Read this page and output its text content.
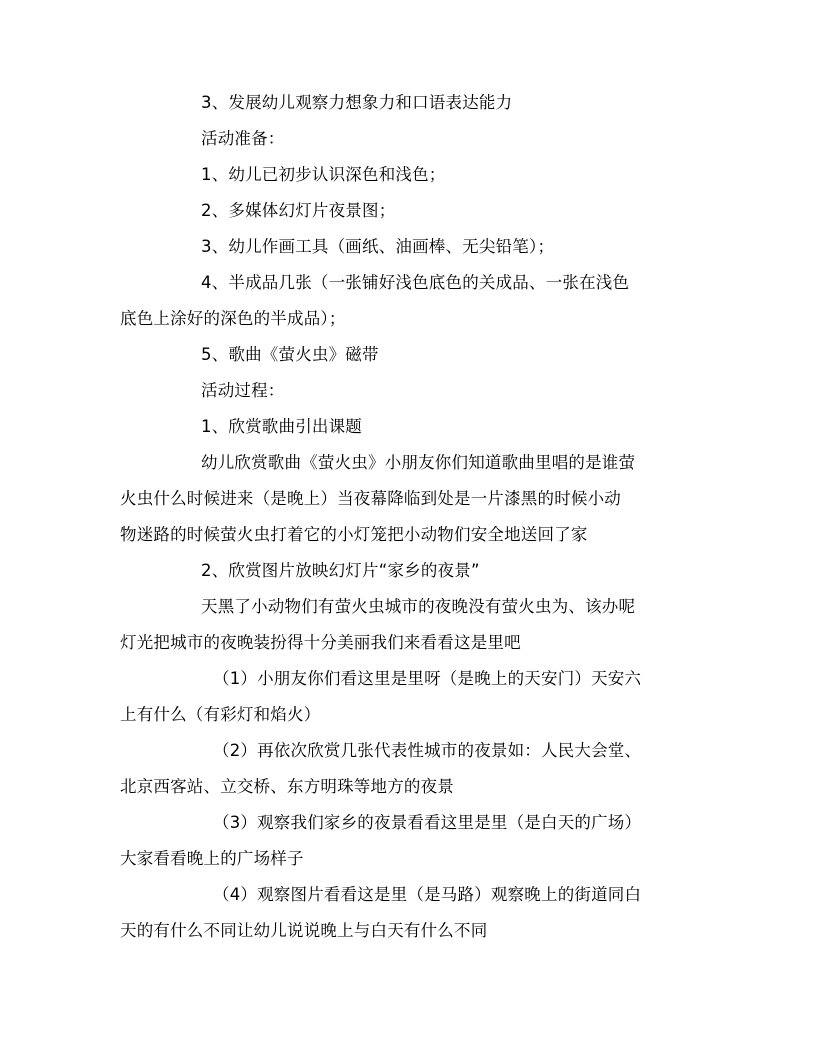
3、发展幼儿观察力想象力和口语表达能力
活动准备：
1、幼儿已初步认识深色和浅色；
2、多媒体幻灯片夜景图；
3、幼儿作画工具（画纸、油画棒、无尖铅笔）；
4、半成品几张（一张铺好浅色底色的关成品、一张在浅色
底色上涂好的深色的半成品）；
5、歌曲《萤火虫》磁带
活动过程：
1、欣赏歌曲引出课题
幼儿欣赏歌曲《萤火虫》小朋友你们知道歌曲里唱的是谁萤
火虫什么时候进来（是晚上）当夜幕降临到处是一片漆黑的时候小动
物迷路的时候萤火虫打着它的小灯笼把小动物们安全地送回了家
2、欣赏图片放映幻灯片“家乡的夜景”
天黑了小动物们有萤火虫城市的夜晚没有萤火虫为、该办呢
灯光把城市的夜晚装扮得十分美丽我们来看看这是里吧
（1）小朋友你们看这里是里呀（是晚上的天安门）天安六
上有什么（有彩灯和焰火）
（2）再依次欣赏几张代表性城市的夜景如：人民大会堂、
北京西客站、立交桥、东方明珠等地方的夜景
（3）观察我们家乡的夜景看看这里是里（是白天的广场）
大家看看晚上的广场样子
（4）观察图片看看这是里（是马路）观察晚上的街道同白
天的有什么不同让幼儿说说晚上与白天有什么不同
